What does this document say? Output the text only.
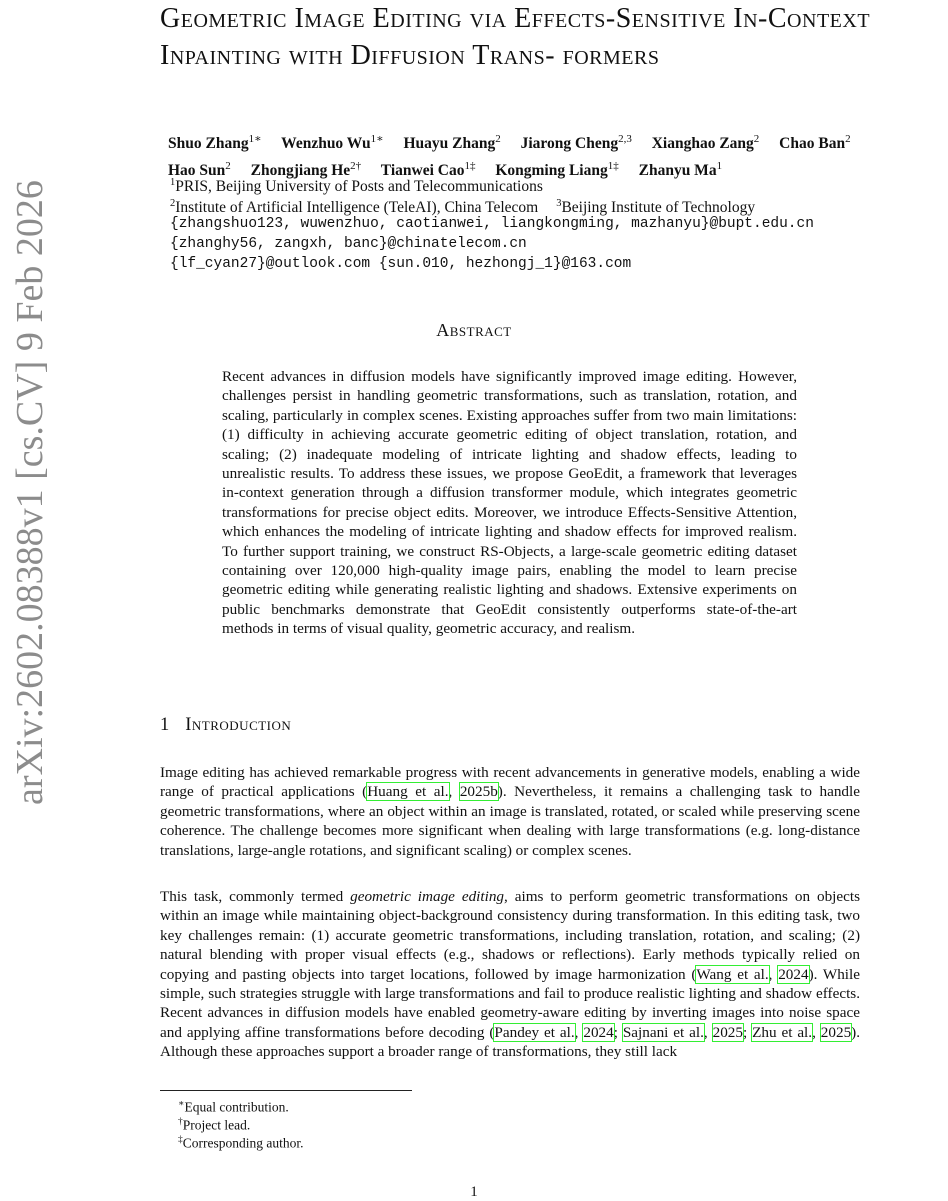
arXiv:2602.08388v1 [cs.CV] 9 Feb 2026
Geometric Image Editing via Effects-Sensitive In-Context Inpainting with Diffusion Trans- formers
Shuo Zhang$^{1∗}$ Wenzhuo $Wu^{1∗}$ Huayu Zhang$^2$ Jiarong Cheng$^{2,3}$ Xianghao Zang$^2$ Chao Ban$^2$
Hao Sun$^2$ Zhongjiang $He^{2\dagger}$ Tianwei Cao$^{1\ddagger}$ Kongming Liang$^{1\ddagger}$ Zhanyu Ma$^1$
$^1$PRIS, Beijing University of Posts and Telecommunications
$^2$Institute of Artificial Intelligence (TeleAI), China Telecom $^3$Beijing Institute of Technology
{zhangshuo123, wuwenzhuo, caotianwei, liangkongming, mazhanyu}@bupt.edu.cn
{zhanghy56, zangxh, banc}@chinatelecom.cn
{lf_cyan27}@outlook.com {sun.010, hezhongj_1}@163.com
Abstract

Recent advances in diffusion models have significantly improved image editing. However, challenges persist in handling geometric transformations, such as translation, rotation, and scaling, particularly in complex scenes. Existing approaches suffer from two main limitations: (1) difficulty in achieving accurate geometric editing of object translation, rotation, and scaling; (2) inadequate modeling of intricate lighting and shadow effects, leading to unrealistic results. To address these issues, we propose GeoEdit, a framework that leverages in-context generation through a diffusion transformer module, which integrates geometric transformations for precise object edits. Moreover, we introduce Effects-Sensitive Attention, which enhances the modeling of intricate lighting and shadow effects for improved realism. To further support training, we construct RS-Objects, a large-scale geometric editing dataset containing over 120,000 high-quality image pairs, enabling the model to learn precise geometric editing while generating realistic lighting and shadows. Extensive experiments on public benchmarks demonstrate that GeoEdit consistently outperforms state-of-the-art methods in terms of visual quality, geometric accuracy, and realism.

1 Introduction

Image editing has achieved remarkable progress with recent advancements in generative models, enabling a wide range of practical applications (Huang et al., 2025b). Nevertheless, it remains a challenging task to handle geometric transformations, where an object within an image is translated, rotated, or scaled while preserving scene coherence. The challenge becomes more significant when dealing with large transformations (e.g. long-distance translations, large-angle rotations, and significant scaling) or complex scenes.

This task, commonly termed geometric image editing, aims to perform geometric transformations on objects within an image while maintaining object-background consistency during transformation. In this editing task, two key challenges remain: (1) accurate geometric transformations, including translation, rotation, and scaling; (2) natural blending with proper visual effects (e.g., shadows or reflections). Early methods typically relied on copying and pasting objects into target locations, followed by image harmonization (Wang et al., 2024). While simple, such strategies struggle with large transformations and fail to produce realistic lighting and shadow effects. Recent advances in diffusion models have enabled geometry-aware editing by inverting images into noise space and applying affine transformations before decoding (Pandey et al., 2024; Sajnani et al., 2025; Zhu et al., 2025). Although these approaches support a broader range of transformations, they still lack

∗Equal contribution.
†Project lead.
‡Corresponding author.
1
